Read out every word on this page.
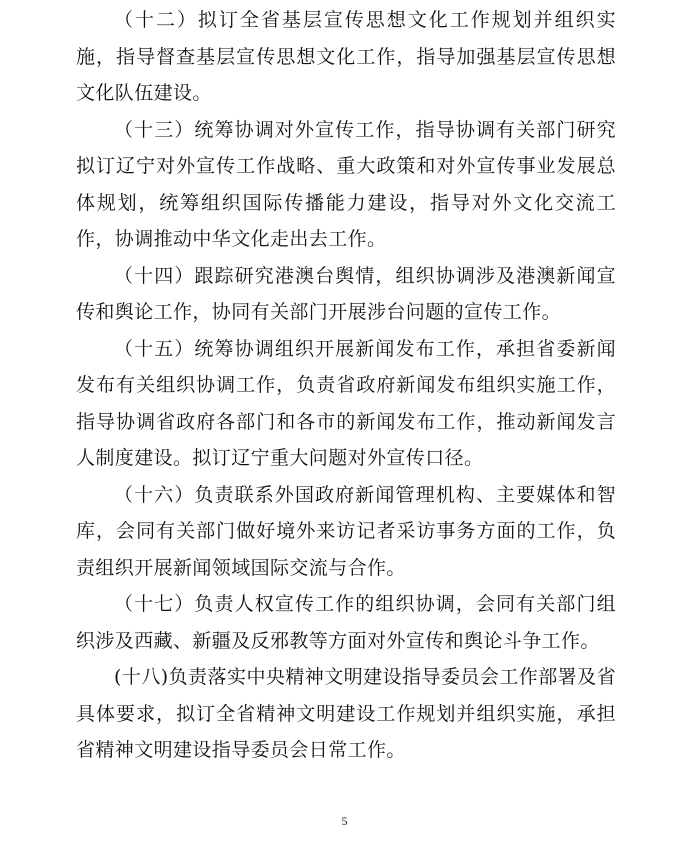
（十二）拟订全省基层宣传思想文化工作规划并组织实施，指导督查基层宣传思想文化工作，指导加强基层宣传思想文化队伍建设。

（十三）统筹协调对外宣传工作，指导协调有关部门研究拟订辽宁对外宣传工作战略、重大政策和对外宣传事业发展总体规划，统筹组织国际传播能力建设，指导对外文化交流工作，协调推动中华文化走出去工作。

（十四）跟踪研究港澳台舆情，组织协调涉及港澳新闻宣传和舆论工作，协同有关部门开展涉台问题的宣传工作。

（十五）统筹协调组织开展新闻发布工作，承担省委新闻发布有关组织协调工作，负责省政府新闻发布组织实施工作，指导协调省政府各部门和各市的新闻发布工作，推动新闻发言人制度建设。拟订辽宁重大问题对外宣传口径。

（十六）负责联系外国政府新闻管理机构、主要媒体和智库，会同有关部门做好境外来访记者采访事务方面的工作，负责组织开展新闻领域国际交流与合作。

（十七）负责人权宣传工作的组织协调，会同有关部门组织涉及西藏、新疆及反邪教等方面对外宣传和舆论斗争工作。

(十八)负责落实中央精神文明建设指导委员会工作部署及省具体要求，拟订全省精神文明建设工作规划并组织实施，承担省精神文明建设指导委员会日常工作。

5
